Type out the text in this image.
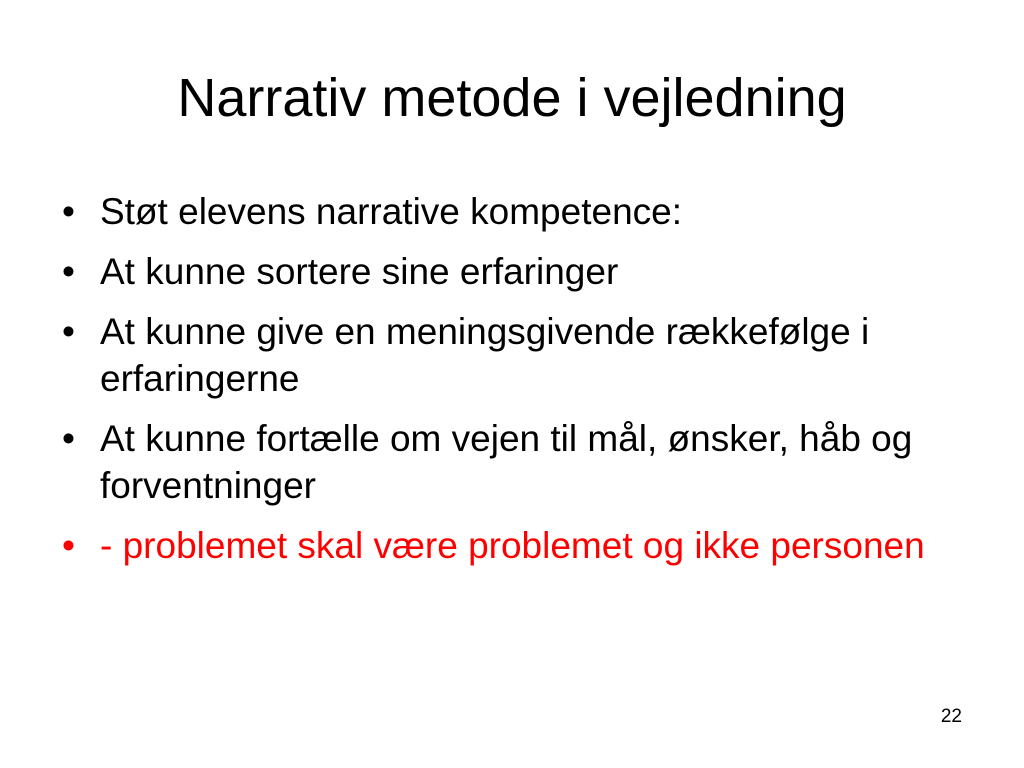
Narrativ metode i vejledning
• Støt elevens narrative kompetence:
• At kunne sortere sine erfaringer
• At kunne give en meningsgivende rækkefølge i erfaringerne
• At kunne fortælle om vejen til mål, ønsker, håb og forventninger
• - problemet skal være problemet og ikke personen
22
